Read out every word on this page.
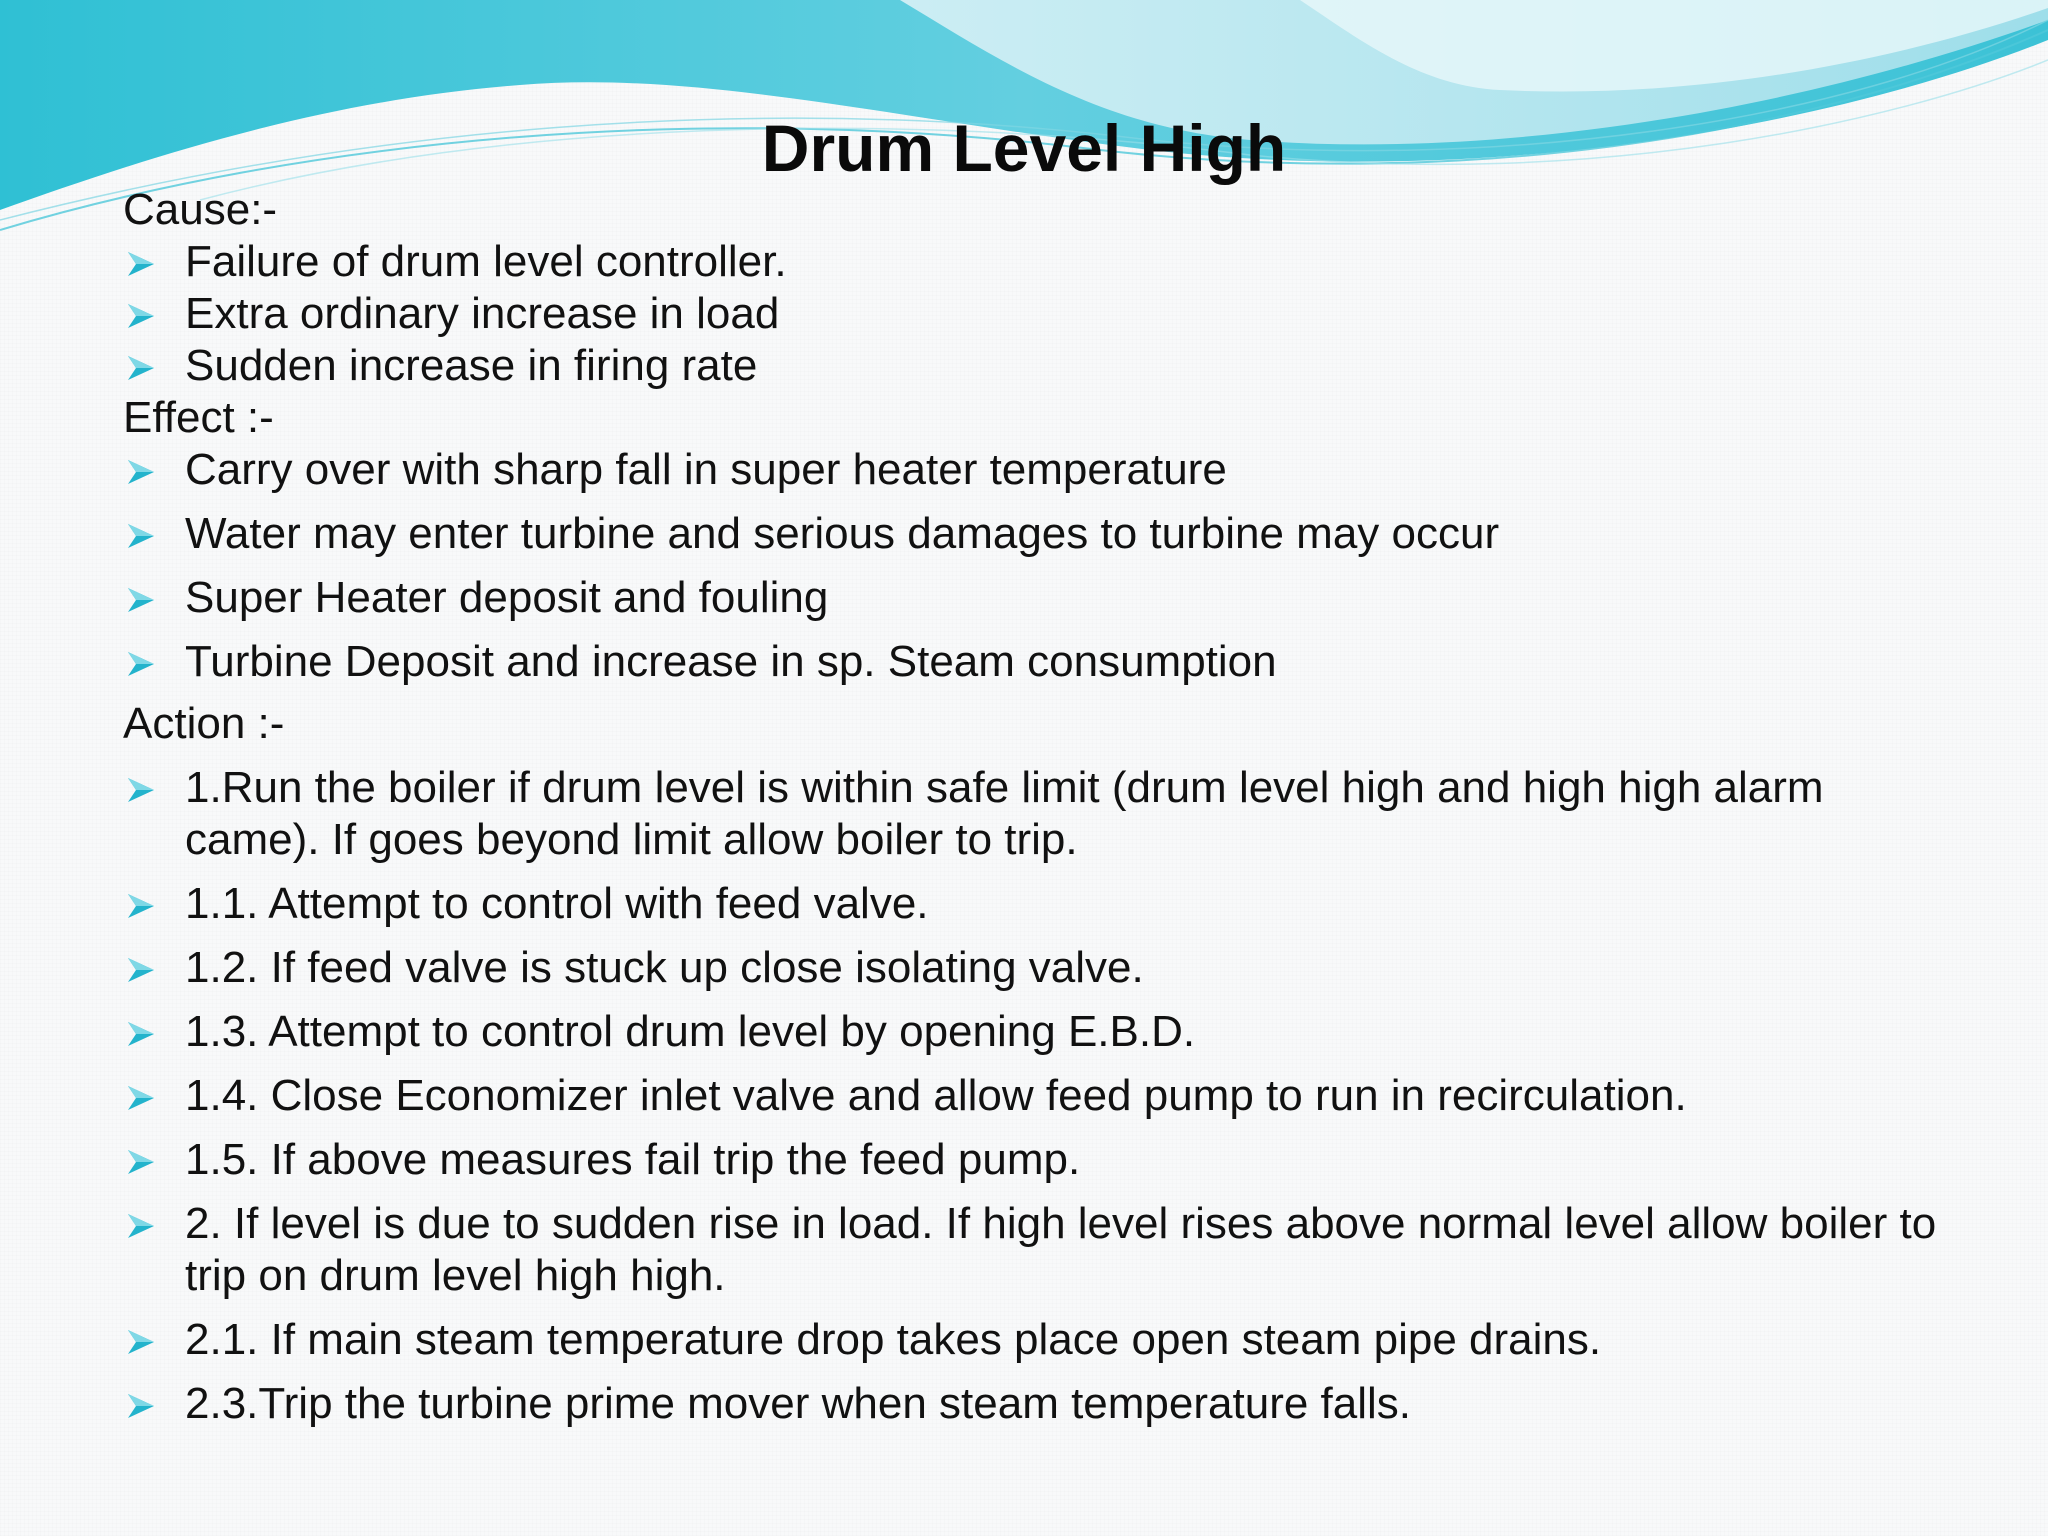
Drum Level High
Cause:-
Failure of drum level controller.
Extra ordinary increase in load
Sudden increase in firing rate
Effect :-
Carry over with sharp fall in super heater temperature
Water may enter turbine and serious damages to turbine may occur
Super Heater deposit and fouling
Turbine Deposit and increase in sp. Steam consumption
Action :-
1.Run the boiler if drum level is within safe limit (drum level high and high high alarm came). If goes beyond limit allow boiler to trip.
1.1. Attempt to control with feed valve.
1.2. If feed valve is stuck up close isolating valve.
1.3. Attempt to control drum level by opening E.B.D.
1.4. Close Economizer inlet valve and allow feed pump to run in recirculation.
1.5. If above measures fail trip the feed pump.
2. If level is due to sudden rise in load. If high level rises above normal level allow boiler to trip on drum level high high.
2.1. If main steam temperature drop takes place open steam pipe drains.
2.3.Trip the turbine prime mover when steam temperature falls.
